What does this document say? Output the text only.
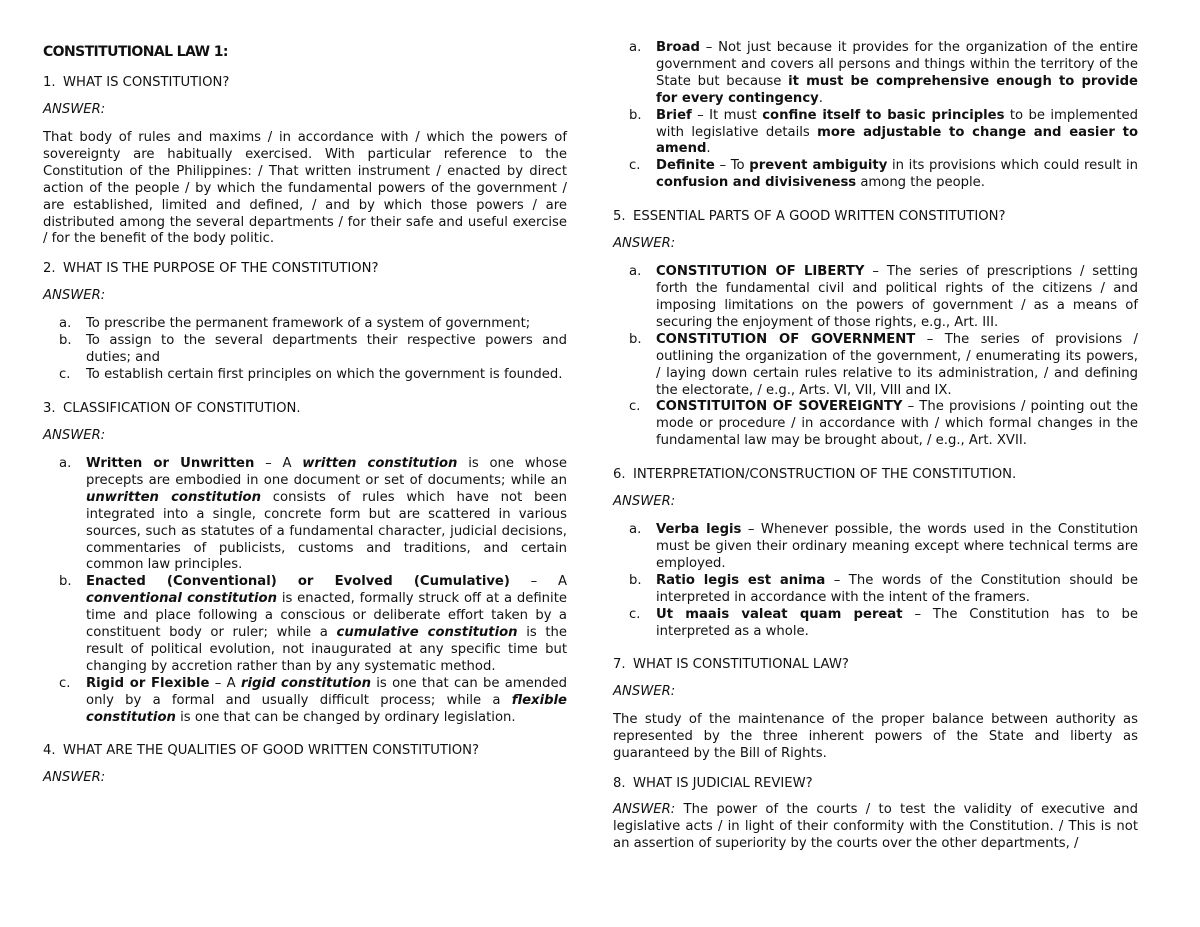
CONSTITUTIONAL LAW 1:
1. WHAT IS CONSTITUTION?
ANSWER:
That body of rules and maxims / in accordance with / which the powers of sovereignty are habitually exercised. With particular reference to the Constitution of the Philippines: / That written instrument / enacted by direct action of the people / by which the fundamental powers of the government / are established, limited and defined, / and by which those powers / are distributed among the several departments / for their safe and useful exercise / for the benefit of the body politic.
2. WHAT IS THE PURPOSE OF THE CONSTITUTION?
ANSWER:
a. To prescribe the permanent framework of a system of government;
b. To assign to the several departments their respective powers and duties; and
c. To establish certain first principles on which the government is founded.
3. CLASSIFICATION OF CONSTITUTION.
ANSWER:
a. Written or Unwritten – A written constitution is one whose precepts are embodied in one document or set of documents; while an unwritten constitution consists of rules which have not been integrated into a single, concrete form but are scattered in various sources, such as statutes of a fundamental character, judicial decisions, commentaries of publicists, customs and traditions, and certain common law principles.
b. Enacted (Conventional) or Evolved (Cumulative) – A conventional constitution is enacted, formally struck off at a definite time and place following a conscious or deliberate effort taken by a constituent body or ruler; while a cumulative constitution is the result of political evolution, not inaugurated at any specific time but changing by accretion rather than by any systematic method.
c. Rigid or Flexible – A rigid constitution is one that can be amended only by a formal and usually difficult process; while a flexible constitution is one that can be changed by ordinary legislation.
4. WHAT ARE THE QUALITIES OF GOOD WRITTEN CONSTITUTION?
ANSWER:
a. Broad – Not just because it provides for the organization of the entire government and covers all persons and things within the territory of the State but because it must be comprehensive enough to provide for every contingency.
b. Brief – It must confine itself to basic principles to be implemented with legislative details more adjustable to change and easier to amend.
c. Definite – To prevent ambiguity in its provisions which could result in confusion and divisiveness among the people.
5. ESSENTIAL PARTS OF A GOOD WRITTEN CONSTITUTION?
ANSWER:
a. CONSTITUTION OF LIBERTY – The series of prescriptions / setting forth the fundamental civil and political rights of the citizens / and imposing limitations on the powers of government / as a means of securing the enjoyment of those rights, e.g., Art. III.
b. CONSTITUTION OF GOVERNMENT – The series of provisions / outlining the organization of the government, / enumerating its powers, / laying down certain rules relative to its administration, / and defining the electorate, / e.g., Arts. VI, VII, VIII and IX.
c. CONSTITUITON OF SOVEREIGNTY – The provisions / pointing out the mode or procedure / in accordance with / which formal changes in the fundamental law may be brought about, / e.g., Art. XVII.
6. INTERPRETATION/CONSTRUCTION OF THE CONSTITUTION.
ANSWER:
a. Verba legis – Whenever possible, the words used in the Constitution must be given their ordinary meaning except where technical terms are employed.
b. Ratio legis est anima – The words of the Constitution should be interpreted in accordance with the intent of the framers.
c. Ut maais valeat quam pereat – The Constitution has to be interpreted as a whole.
7. WHAT IS CONSTITUTIONAL LAW?
ANSWER:
The study of the maintenance of the proper balance between authority as represented by the three inherent powers of the State and liberty as guaranteed by the Bill of Rights.
8. WHAT IS JUDICIAL REVIEW?
ANSWER: The power of the courts / to test the validity of executive and legislative acts / in light of their conformity with the Constitution. / This is not an assertion of superiority by the courts over the other departments, /
